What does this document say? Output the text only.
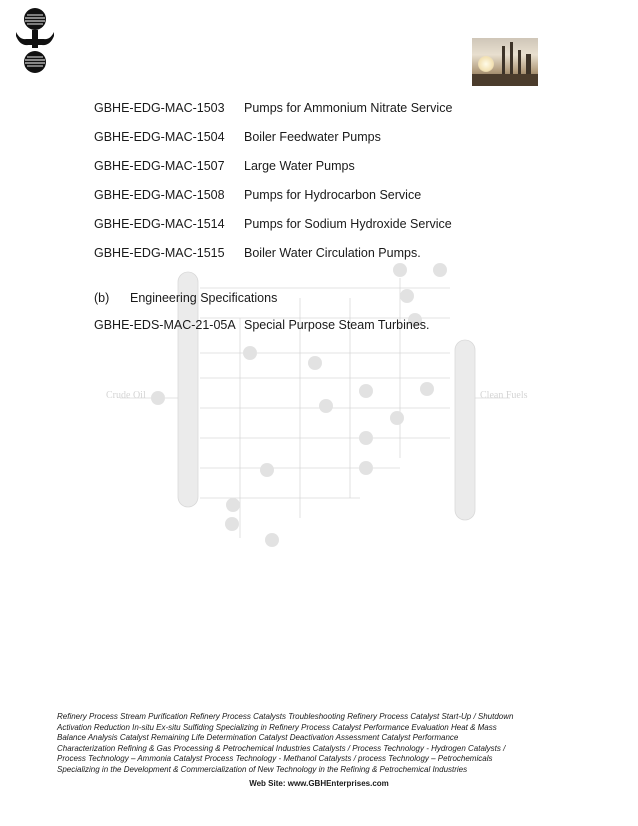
Crude Oil	Clean Fuels
GBHE-EDG-MAC-1503 Pumps for Ammonium Nitrate Service
GBHE-EDG-MAC-1504 Boiler Feedwater Pumps
GBHE-EDG-MAC-1507 Large Water Pumps
GBHE-EDG-MAC-1508 Pumps for Hydrocarbon Service
GBHE-EDG-MAC-1514 Pumps for Sodium Hydroxide Service
GBHE-EDG-MAC-1515 Boiler Water Circulation Pumps.
(b) Engineering Specifications
GBHE-EDS-MAC-21-05A Special Purpose Steam Turbines.
Refinery Process Stream Purification Refinery Process Catalysts Troubleshooting Refinery Process Catalyst Start-Up / Shutdown
Activation Reduction In-situ Ex-situ Sulfiding Specializing in Refinery Process Catalyst Performance Evaluation Heat & Mass
Balance Analysis Catalyst Remaining Life Determination Catalyst Deactivation Assessment Catalyst Performance
Characterization Refining & Gas Processing & Petrochemical Industries Catalysts / Process Technology - Hydrogen Catalysts /
Process Technology – Ammonia Catalyst Process Technology - Methanol Catalysts / process Technology – Petrochemicals
Specializing in the Development & Commercialization of New Technology in the Refining & Petrochemical Industries
Web Site: www.GBHEnterprises.com
